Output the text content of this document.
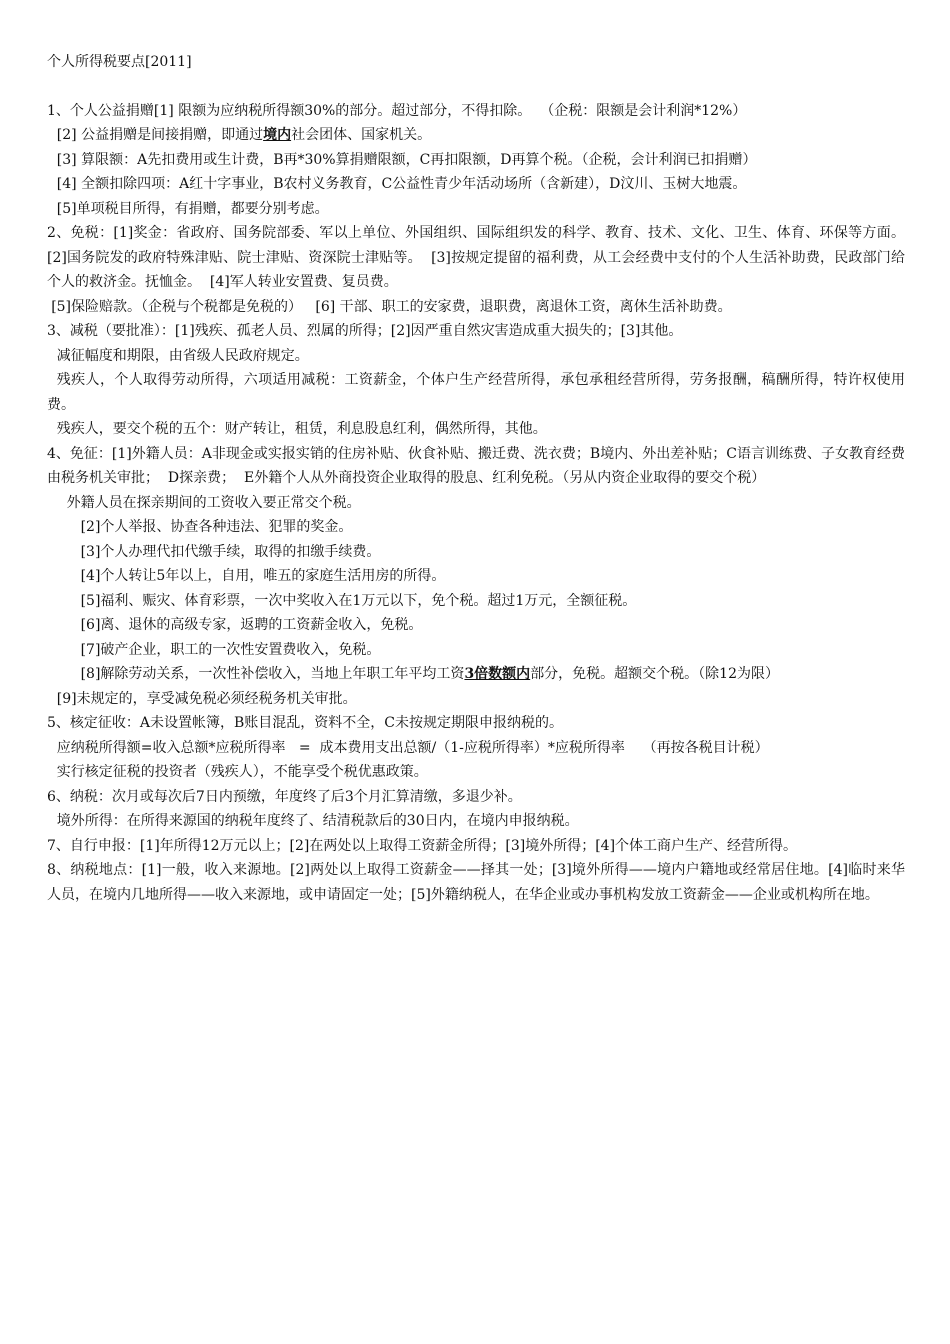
个人所得税要点[2011]
1、个人公益捐赠[1] 限额为应纳税所得额30%的部分。超过部分，不得扣除。  （企税：限额是会计利润*12%）
[2] 公益捐赠是间接捐赠，即通过境内社会团体、国家机关。
[3] 算限额：A先扣费用或生计费，B再*30%算捐赠限额，C再扣限额，D再算个税。（企税，会计利润已扣捐赠）
[4] 全额扣除四项：A红十字事业，B农村义务教育，C公益性青少年活动场所（含新建），D汶川、玉树大地震。
[5]单项税目所得，有捐赠，都要分别考虑。
2、免税：[1]奖金：省政府、国务院部委、军以上单位、外国组织、国际组织发的科学、教育、技术、文化、卫生、体育、环保等方面。  [2]国务院发的政府特殊津贴、院士津贴、资深院士津贴等。  [3]按规定提留的福利费，从工会经费中支付的个人生活补助费，民政部门给个人的救济金。抚恤金。  [4]军人转业安置费、复员费。
[5]保险赔款。（企税与个税都是免税的）   [6] 干部、职工的安家费，退职费，离退休工资，离休生活补助费。
3、减税（要批准）：[1]残疾、孤老人员、烈属的所得；[2]因严重自然灾害造成重大损失的；[3]其他。
减征幅度和期限，由省级人民政府规定。
残疾人，个人取得劳动所得，六项适用减税：工资薪金，个体户生产经营所得，承包承租经营所得，劳务报酬，稿酬所得，特许权使用费。
残疾人，要交个税的五个：财产转让，租赁，利息股息红利，偶然所得，其他。
4、免征：[1]外籍人员：A非现金或实报实销的住房补贴、伙食补贴、搬迁费、洗衣费；B境内、外出差补贴；C语言训练费、子女教育经费由税务机关审批；  D探亲费；  E外籍个人从外商投资企业取得的股息、红利免税。（另从内资企业取得的要交个税）
外籍人员在探亲期间的工资收入要正常交个税。
[2]个人举报、协查各种违法、犯罪的奖金。
[3]个人办理代扣代缴手续，取得的扣缴手续费。
[4]个人转让5年以上，自用，唯五的家庭生活用房的所得。
[5]福利、赈灾、体育彩票，一次中奖收入在1万元以下，免个税。超过1万元，全额征税。
[6]离、退休的高级专家，返聘的工资薪金收入，免税。
[7]破产企业，职工的一次性安置费收入，免税。
[8]解除劳动关系，一次性补偿收入，当地上年职工年平均工资3倍数额内部分，免税。超额交个税。（除12为限）
[9]未规定的，享受减免税必须经税务机关审批。
5、核定征收：A未设置帐簿，B账目混乱，资料不全，C未按规定期限申报纳税的。
应纳税所得额=收入总额*应税所得率   =  成本费用支出总额/（1-应税所得率）*应税所得率    （再按各税目计税）
实行核定征税的投资者（残疾人），不能享受个税优惠政策。
6、纳税：次月或每次后7日内预缴，年度终了后3个月汇算清缴，多退少补。
境外所得：在所得来源国的纳税年度终了、结清税款后的30日内，在境内申报纳税。
7、自行申报：[1]年所得12万元以上；[2]在两处以上取得工资薪金所得；[3]境外所得；[4]个体工商户生产、经营所得。
8、纳税地点：[1]一般，收入来源地。[2]两处以上取得工资薪金——择其一处；[3]境外所得——境内户籍地或经常居住地。[4]临时来华人员，在境内几地所得——收入来源地，或申请固定一处；[5]外籍纳税人，在华企业或办事机构发放工资薪金——企业或机构所在地。
